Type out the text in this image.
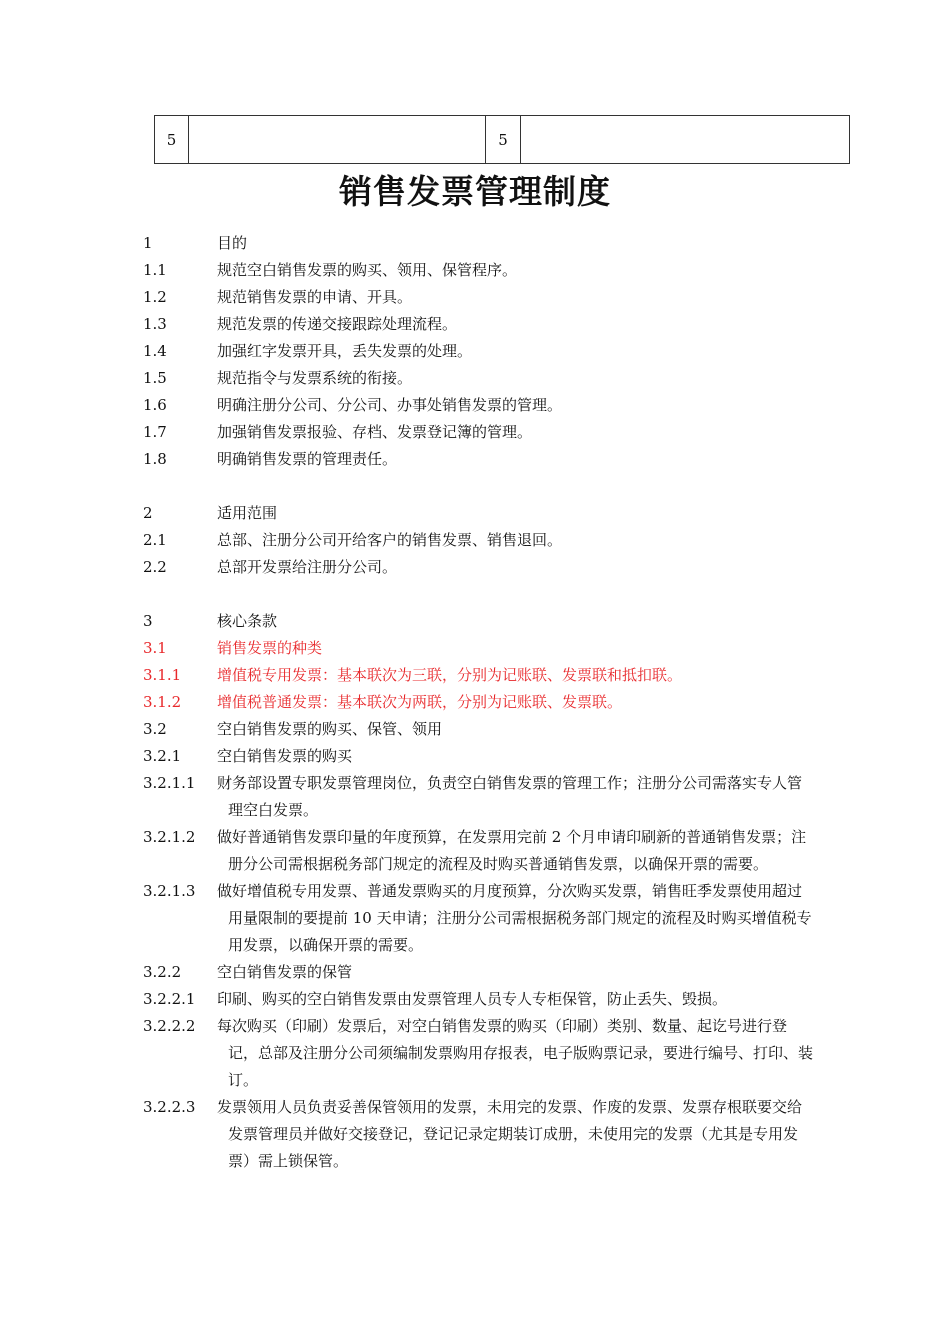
5		5	
销售发票管理制度
1	目的
1.1	规范空白销售发票的购买、领用、保管程序。
1.2	规范销售发票的申请、开具。
1.3	规范发票的传递交接跟踪处理流程。
1.4	加强红字发票开具，丢失发票的处理。
1.5	规范指令与发票系统的衔接。
1.6	明确注册分公司、分公司、办事处销售发票的管理。
1.7	加强销售发票报验、存档、发票登记簿的管理。
1.8	明确销售发票的管理责任。
2	适用范围
2.1	总部、注册分公司开给客户的销售发票、销售退回。
2.2	总部开发票给注册分公司。
3	核心条款
3.1	销售发票的种类
3.1.1	增值税专用发票：基本联次为三联，分别为记账联、发票联和抵扣联。
3.1.2	增值税普通发票：基本联次为两联，分别为记账联、发票联。
3.2	空白销售发票的购买、保管、领用
3.2.1	空白销售发票的购买
3.2.1.1	财务部设置专职发票管理岗位，负责空白销售发票的管理工作；注册分公司需落实专人管理空白发票。
3.2.1.2	做好普通销售发票印量的年度预算，在发票用完前 2 个月申请印刷新的普通销售发票；注册分公司需根据税务部门规定的流程及时购买普通销售发票，以确保开票的需要。
3.2.1.3	做好增值税专用发票、普通发票购买的月度预算，分次购买发票，销售旺季发票使用超过用量限制的要提前 10 天申请；注册分公司需根据税务部门规定的流程及时购买增值税专用发票，以确保开票的需要。
3.2.2	空白销售发票的保管
3.2.2.1	印刷、购买的空白销售发票由发票管理人员专人专柜保管，防止丢失、毁损。
3.2.2.2	每次购买（印刷）发票后，对空白销售发票的购买（印刷）类别、数量、起讫号进行登记，总部及注册分公司须编制发票购用存报表，电子版购票记录，要进行编号、打印、装订。
3.2.2.3	发票领用人员负责妥善保管领用的发票，未用完的发票、作废的发票、发票存根联要交给发票管理员并做好交接登记，登记记录定期装订成册，未使用完的发票（尤其是专用发票）需上锁保管。
